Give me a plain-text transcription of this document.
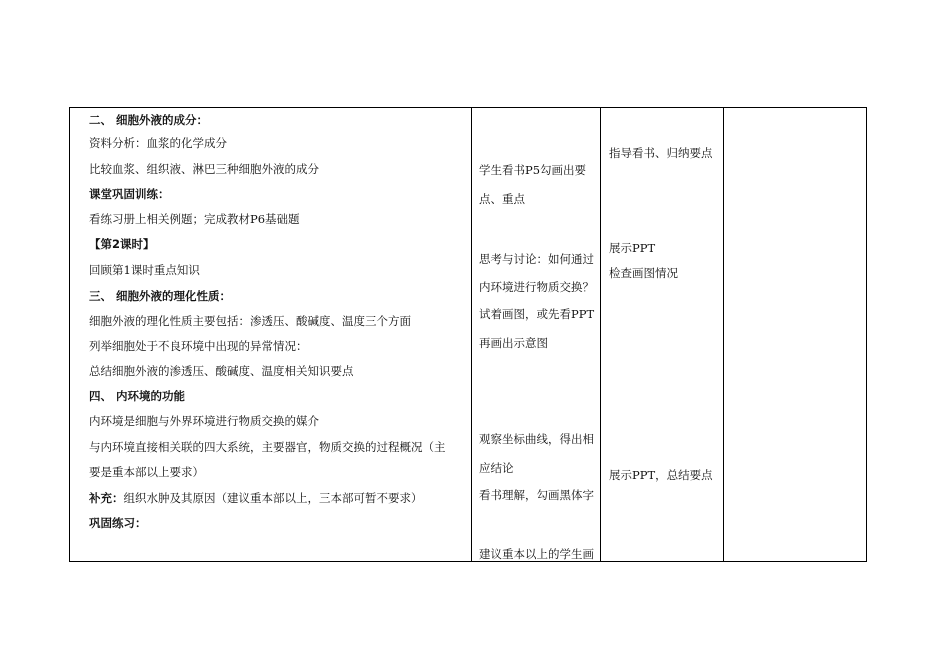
二、 细胞外液的成分：
资料分析：血浆的化学成分
比较血浆、组织液、淋巴三种细胞外液的成分
课堂巩固训练：
看练习册上相关例题；完成教材P6基础题
【第2课时】
回顾第1课时重点知识
三、 细胞外液的理化性质：
细胞外液的理化性质主要包括：渗透压、酸碱度、温度三个方面
列举细胞处于不良环境中出现的异常情况：
总结细胞外液的渗透压、酸碱度、温度相关知识要点
四、 内环境的功能
内环境是细胞与外界环境进行物质交换的媒介
与内环境直接相关联的四大系统，主要器官，物质交换的过程概况（主
要是重本部以上要求）
补充：组织水肿及其原因（建议重本部以上，三本部可暂不要求）
巩固练习：
学生看书P5勾画出要
点、重点
思考与讨论：如何通过
内环境进行物质交换？
试着画图，或先看PPT
再画出示意图
观察坐标曲线，得出相
应结论
看书理解，勾画黑体字
建议重本以上的学生画
指导看书、归纳要点
展示PPT
检查画图情况
展示PPT，总结要点
